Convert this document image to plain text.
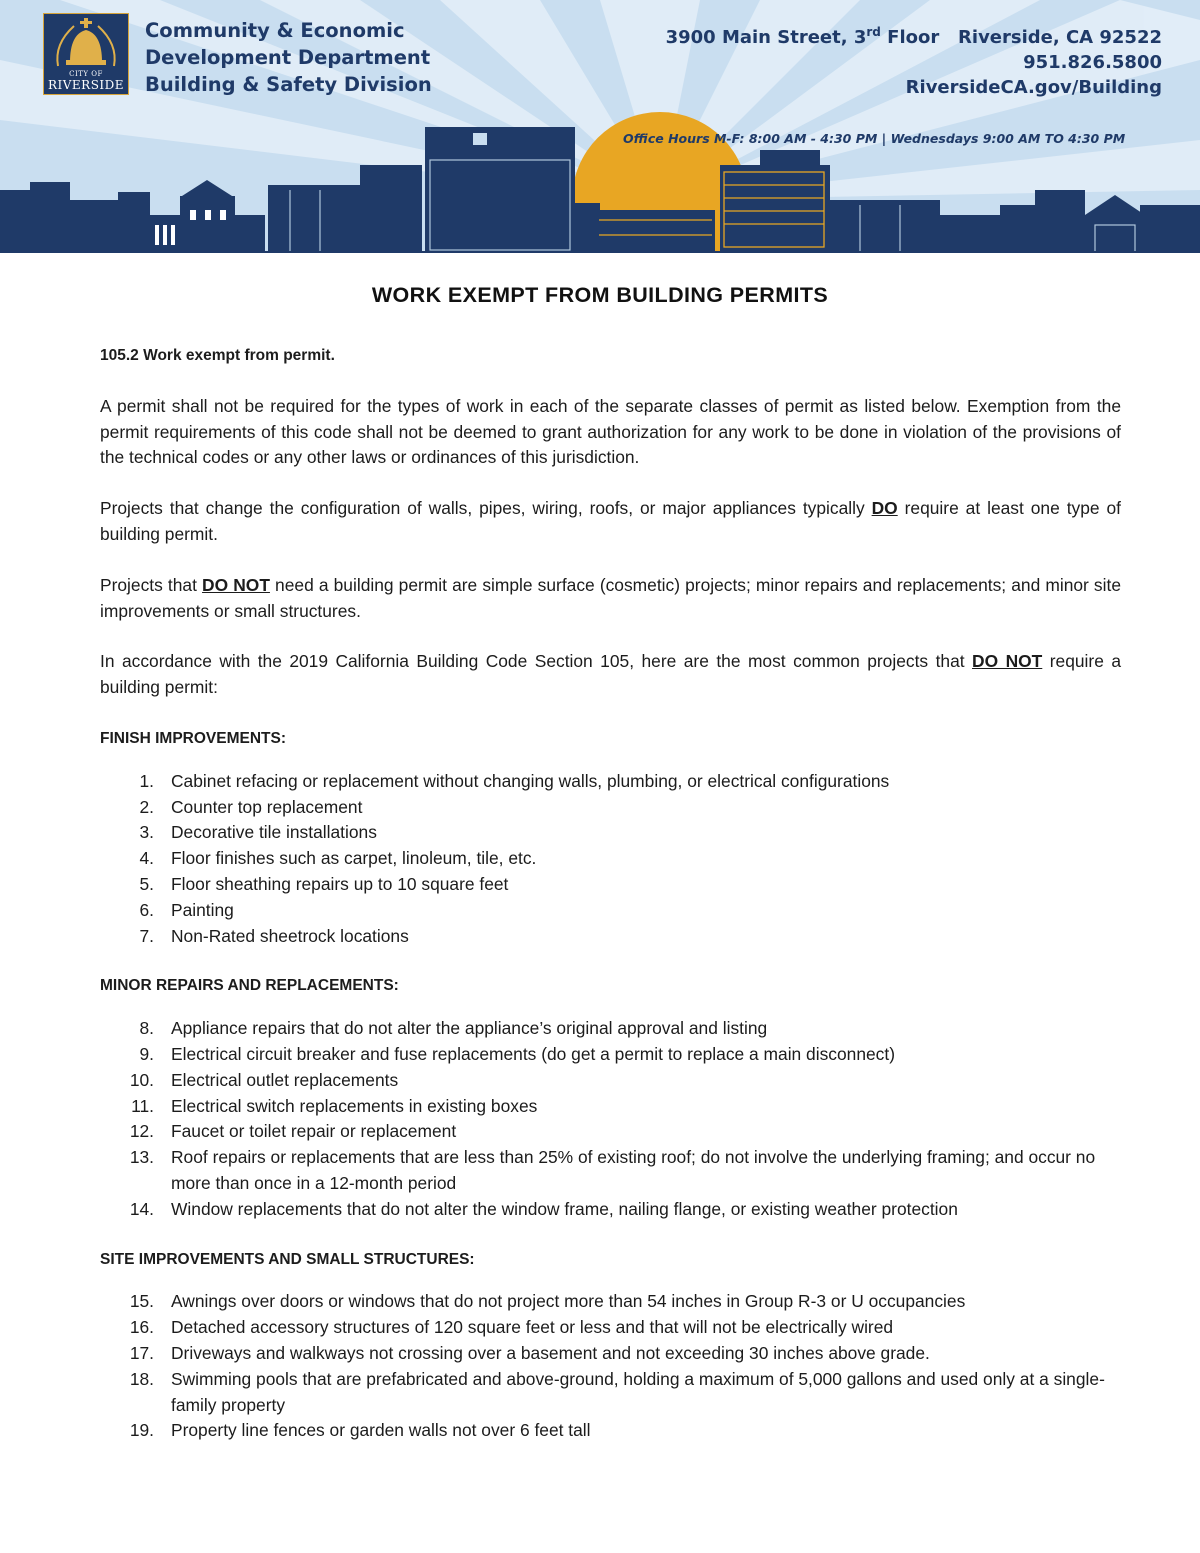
CITY OF
RIVERSIDE
Community & Economic
Development Department
Building & Safety Division
3900 Main Street, 3rd Floor   Riverside, CA 92522
951.826.5800
RiversideCA.gov/Building
Office Hours M-F: 8:00 AM - 4:30 PM | Wednesdays 9:00 AM TO 4:30 PM
WORK EXEMPT FROM BUILDING PERMITS

105.2 Work exempt from permit.

A permit shall not be required for the types of work in each of the separate classes of permit as listed below. Exemption from the permit requirements of this code shall not be deemed to grant authorization for any work to be done in violation of the provisions of the technical codes or any other laws or ordinances of this jurisdiction.

Projects that change the configuration of walls, pipes, wiring, roofs, or major appliances typically DO require at least one type of building permit.

Projects that DO NOT need a building permit are simple surface (cosmetic) projects; minor repairs and replacements; and minor site improvements or small structures.

In accordance with the 2019 California Building Code Section 105, here are the most common projects that DO NOT require a building permit:

FINISH IMPROVEMENTS:

1. Cabinet refacing or replacement without changing walls, plumbing, or electrical configurations
2. Counter top replacement
3. Decorative tile installations
4. Floor finishes such as carpet, linoleum, tile, etc.
5. Floor sheathing repairs up to 10 square feet
6. Painting
7. Non-Rated sheetrock locations

MINOR REPAIRS AND REPLACEMENTS:

8. Appliance repairs that do not alter the appliance’s original approval and listing
9. Electrical circuit breaker and fuse replacements (do get a permit to replace a main disconnect)
10. Electrical outlet replacements
11. Electrical switch replacements in existing boxes
12. Faucet or toilet repair or replacement
13. Roof repairs or replacements that are less than 25% of existing roof; do not involve the underlying framing; and occur no more than once in a 12-month period
14. Window replacements that do not alter the window frame, nailing flange, or existing weather protection

SITE IMPROVEMENTS AND SMALL STRUCTURES:

15. Awnings over doors or windows that do not project more than 54 inches in Group R-3 or U occupancies
16. Detached accessory structures of 120 square feet or less and that will not be electrically wired
17. Driveways and walkways not crossing over a basement and not exceeding 30 inches above grade.
18. Swimming pools that are prefabricated and above-ground, holding a maximum of 5,000 gallons and used only at a single-family property
19. Property line fences or garden walls not over 6 feet tall
